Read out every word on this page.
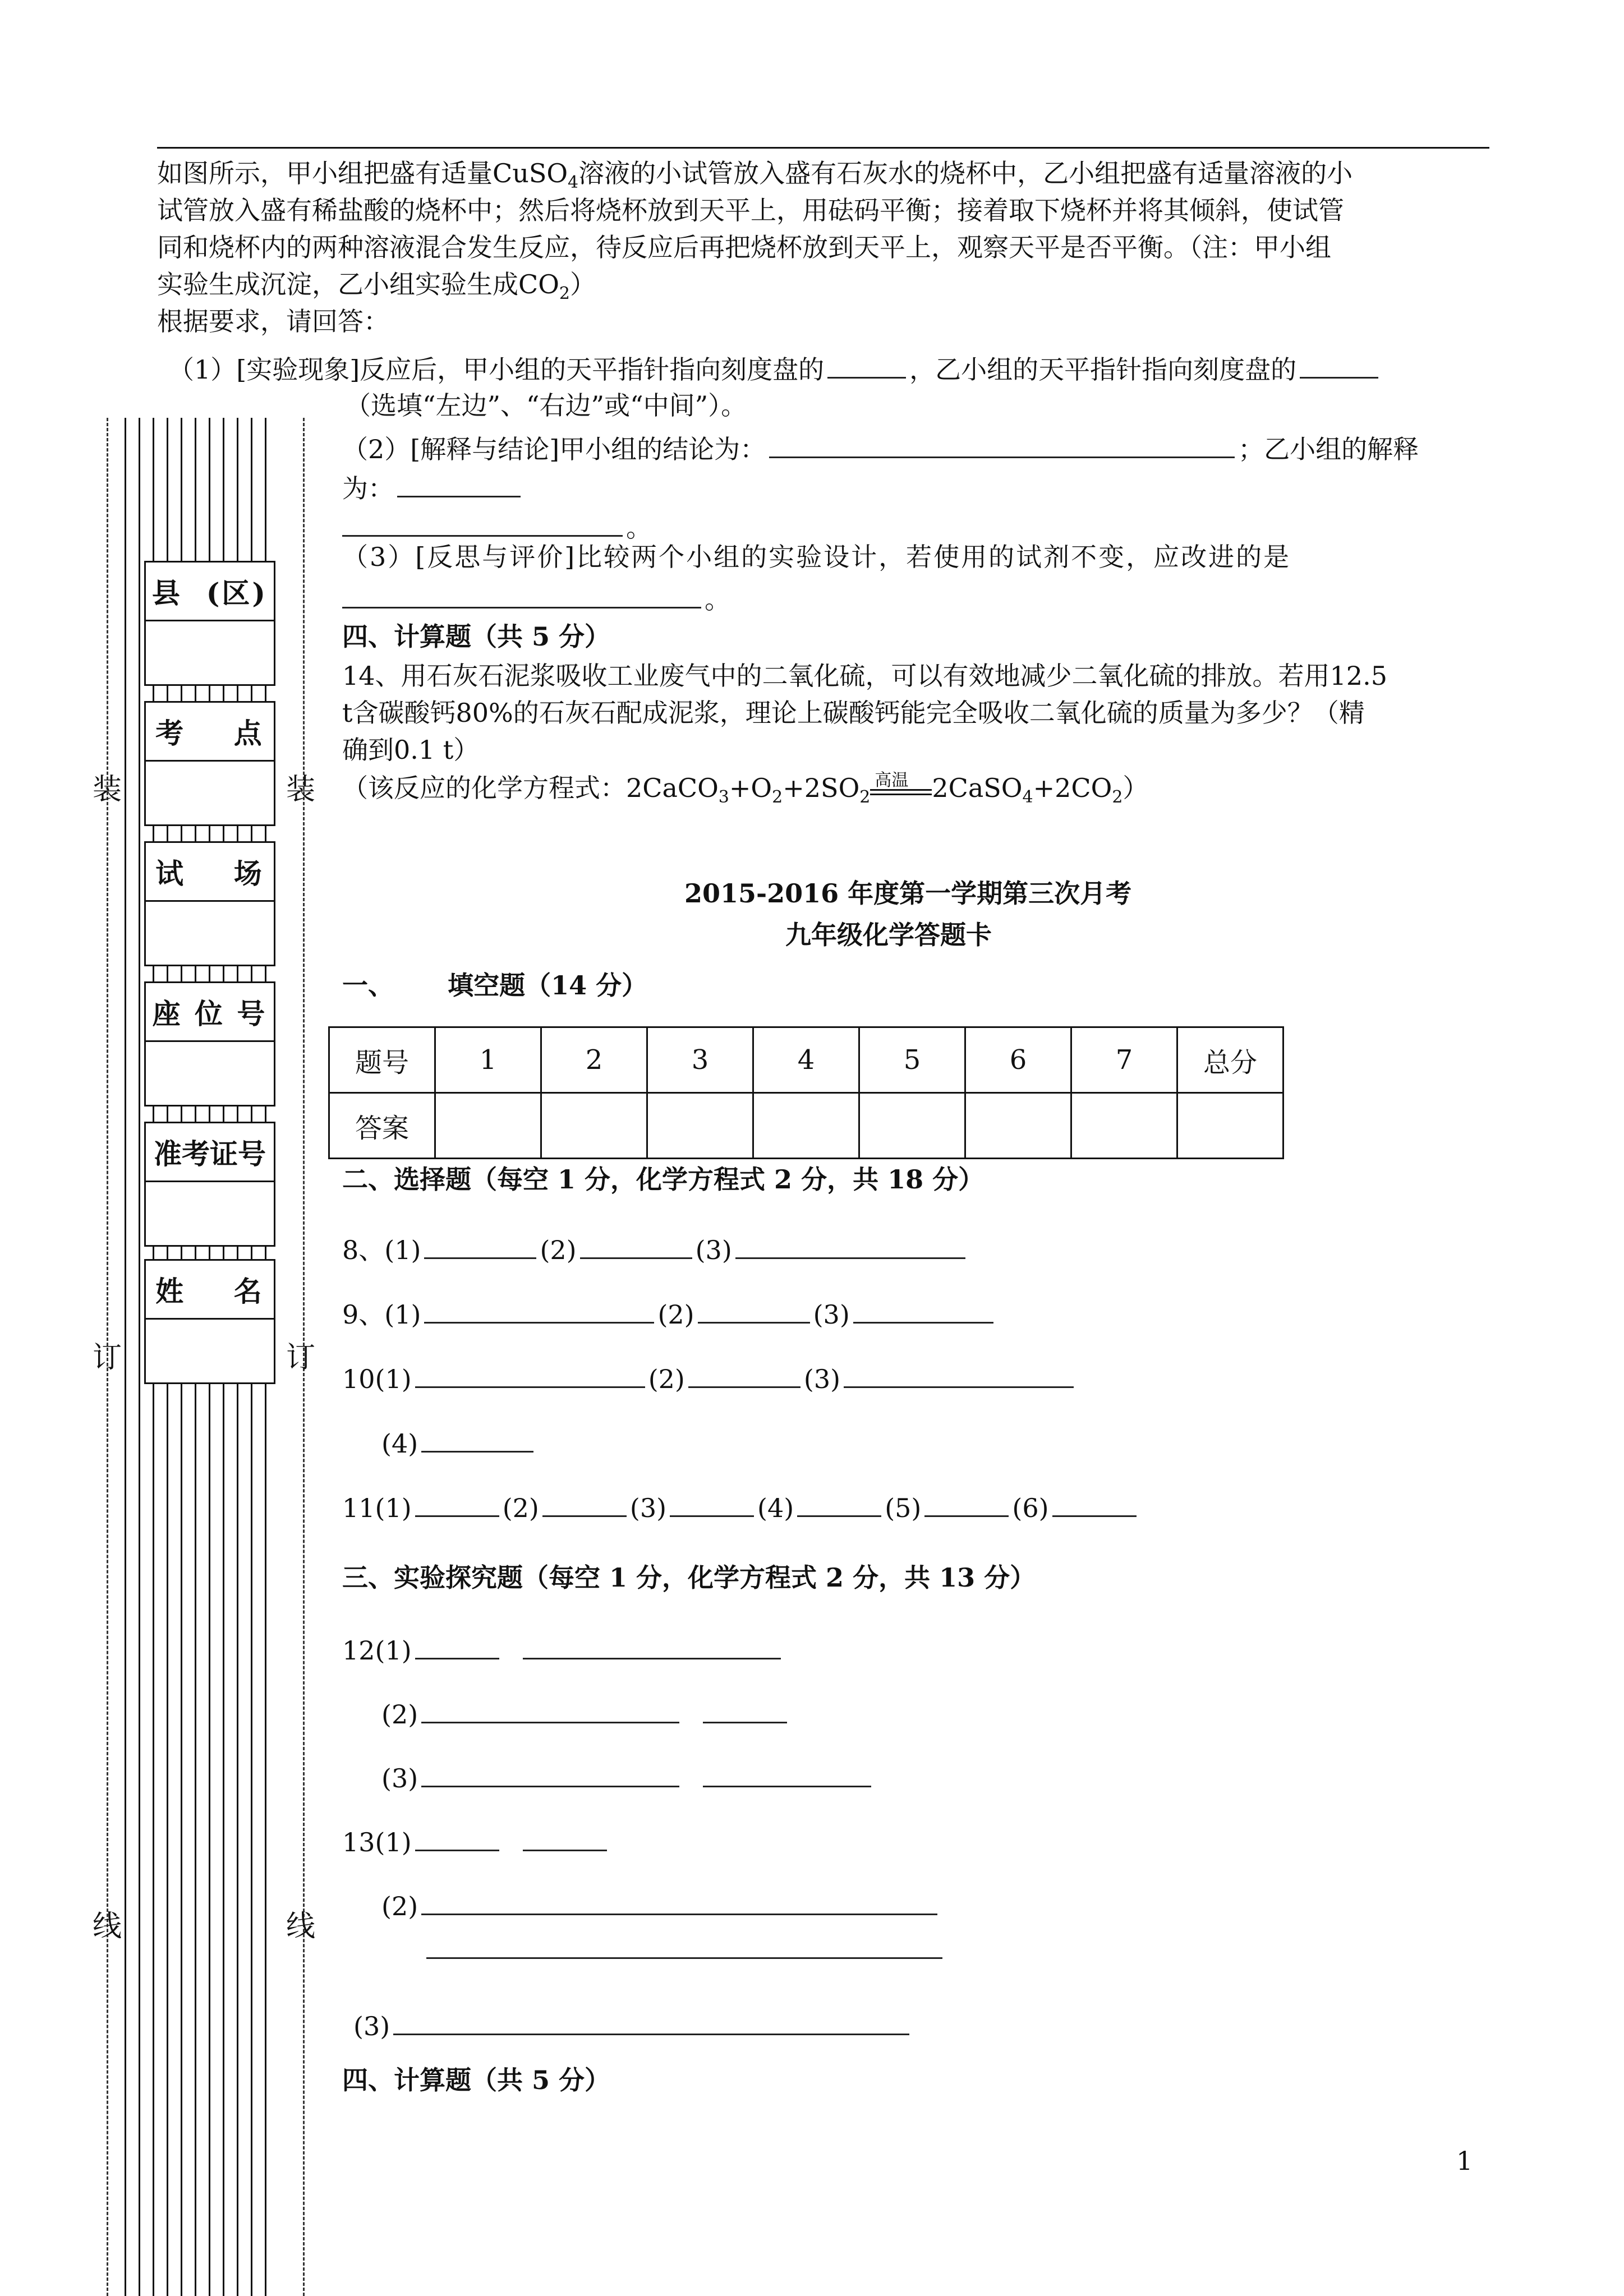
如图所示，甲小组把盛有适量CuSO$_4$溶液的小试管放入盛有石灰水的烧杯中，乙小组把盛有适量溶液的小
试管放入盛有稀盐酸的烧杯中；然后将烧杯放到天平上，用砝码平衡；接着取下烧杯并将其倾斜，使试管
同和烧杯内的两种溶液混合发生反应，待反应后再把烧杯放到天平上，观察天平是否平衡。（注：甲小组
实验生成沉淀，乙小组实验生成$CO_2$）
根据要求，请回答：
（1）[实验现象]反应后，甲小组的天平指针指向刻度盘的	，乙小组的天平指针指向刻度盘的
（选填“左边”、“右边”或“中间”）。
（2）[解释与结论]甲小组的结论为：	；乙小组的解释
为：
。
（3）[反思与评价]比较两个小组的实验设计，若使用的试剂不变，应改进的是
。
四、计算题（共 5 分）
14、用石灰石泥浆吸收工业废气中的二氧化硫，可以有效地减少二氧化硫的排放。若用12.5
t含碳酸钙80%的石灰石配成泥浆，理论上碳酸钙能完全吸收二氧化硫的质量为多少？（精
确到0.1 t）
（该反应的化学方程式：$2CaCO_3+O_2+2SO_2$
高温 $2CaSO_4+2CO_2$）
2015-2016 年度第一学期第三次月考
九年级化学答题卡
一、      填空题（14 分）
题号	1	2	3	4	5	6	7	总分
答案								
二、选择题（每空 1 分，化学方程式 2 分，共 18 分）
8、(1)	(2)	(3)
9、(1)	(2)	(3)
10(1)	(2)	(3)
(4)
11(1)	(2)	(3)	(4)	(5)	(6)
三、实验探究题（每空 1 分，化学方程式 2 分，共 13 分）
12(1)
(2)
(3)
13(1)
(2)
(3)
四、计算题（共 5 分）
1
县  (区)
考    点
试    场
座 位 号
准考证号
姓    名
装	装
订	订
线	线
